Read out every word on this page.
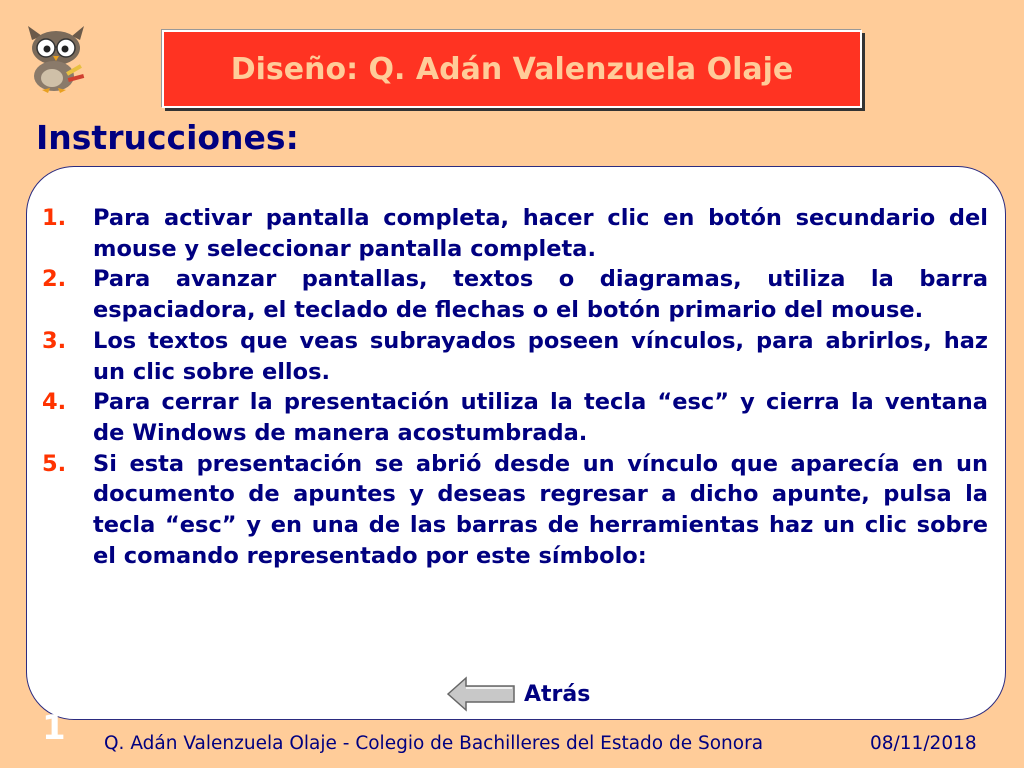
Diseño: Q. Adán Valenzuela Olaje
Instrucciones:
1. Para activar pantalla completa, hacer clic en botón secundario del mouse y seleccionar pantalla completa.
2. Para avanzar pantallas, textos o diagramas, utiliza la barra espaciadora, el teclado de flechas o el botón primario del mouse.
3. Los textos que veas subrayados poseen vínculos, para abrirlos, haz un clic sobre ellos.
4. Para cerrar la presentación utiliza la tecla “esc” y cierra la ventana de Windows de manera acostumbrada.
5. Si esta presentación se abrió desde un vínculo que aparecía en un documento de apuntes y deseas regresar a dicho apunte, pulsa la tecla “esc” y en una de las barras de herramientas haz un clic sobre el comando representado por este símbolo:
Atrás
1 Q. Adán Valenzuela Olaje - Colegio de Bachilleres del Estado de Sonora	08/11/2018
